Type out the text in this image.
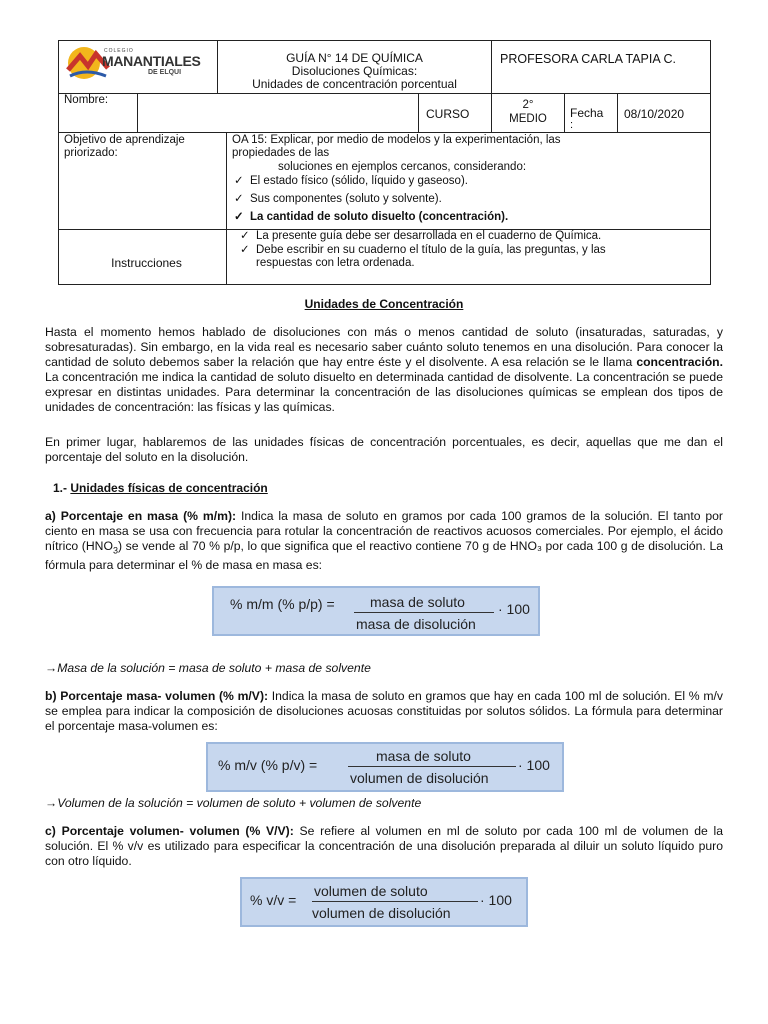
COLEGIO
MANANTIALES
DE ELQUI
GUÍA N° 14 DE QUÍMICA
Disoluciones Químicas:
Unidades de concentración porcentual
PROFESORA CARLA TAPIA C.
Nombre:
CURSO
2°
MEDIO	Fecha
:
08/10/2020
Objetivo de aprendizaje priorizado:
OA 15: Explicar, por medio de modelos y la experimentación, las
propiedades de las
soluciones en ejemplos cercanos, considerando:
✓ El estado físico (sólido, líquido y gaseoso).
✓ Sus componentes (soluto y solvente).
✓ La cantidad de soluto disuelto (concentración).
Instrucciones
✓ La presente guía debe ser desarrollada en el cuaderno de Química.
✓ Debe escribir en su cuaderno el título de la guía, las preguntas, y las
respuestas con letra ordenada.
Unidades de Concentración
Hasta el momento hemos hablado de disoluciones con más o menos cantidad de soluto (insaturadas, saturadas, y sobresaturadas). Sin embargo, en la vida real es necesario saber cuánto soluto tenemos en una disolución. Para conocer la cantidad de soluto debemos saber la relación que hay entre éste y el disolvente. A esa relación se le llama concentración. La concentración me indica la cantidad de soluto disuelto en determinada cantidad de disolvente. La concentración se puede expresar en distintas unidades. Para determinar la concentración de las disoluciones químicas se emplean dos tipos de unidades de concentración: las físicas y las químicas.
En primer lugar, hablaremos de las unidades físicas de concentración porcentuales, es decir, aquellas que me dan el porcentaje del soluto en la disolución.
1.- Unidades físicas de concentración
a) Porcentaje en masa (% m/m): Indica la masa de soluto en gramos por cada 100 gramos de la solución. El tanto por ciento en masa se usa con frecuencia para rotular la concentración de reactivos acuosos comerciales. Por ejemplo, el ácido nítrico $(HNO_3)$ se vende al 70 % p/p, lo que significa que el reactivo contiene 70 g de HNO₃ por cada 100 g de disolución. La fórmula para determinar el % de masa en masa es:
% m/m (% p/p) =	masa de soluto
masa de disolución
· 100
→Masa de la solución = masa de soluto + masa de solvente
b) Porcentaje masa- volumen (% m/V): Indica la masa de soluto en gramos que hay en cada 100 ml de solución. El % m/v se emplea para indicar la composición de disoluciones acuosas constituidas por solutos sólidos. La fórmula para determinar el porcentaje masa-volumen es:
% m/v (% p/v) =
masa de soluto
volumen de disolución
· 100
→Volumen de la solución = volumen de soluto + volumen de solvente
c) Porcentaje volumen- volumen (% V/V): Se refiere al volumen en ml de soluto por cada 100 ml de volumen de la solución. El % v/v es utilizado para especificar la concentración de una disolución preparada al diluir un soluto líquido puro con otro líquido.
% v/v =
volumen de soluto
volumen de disolución
· 100
